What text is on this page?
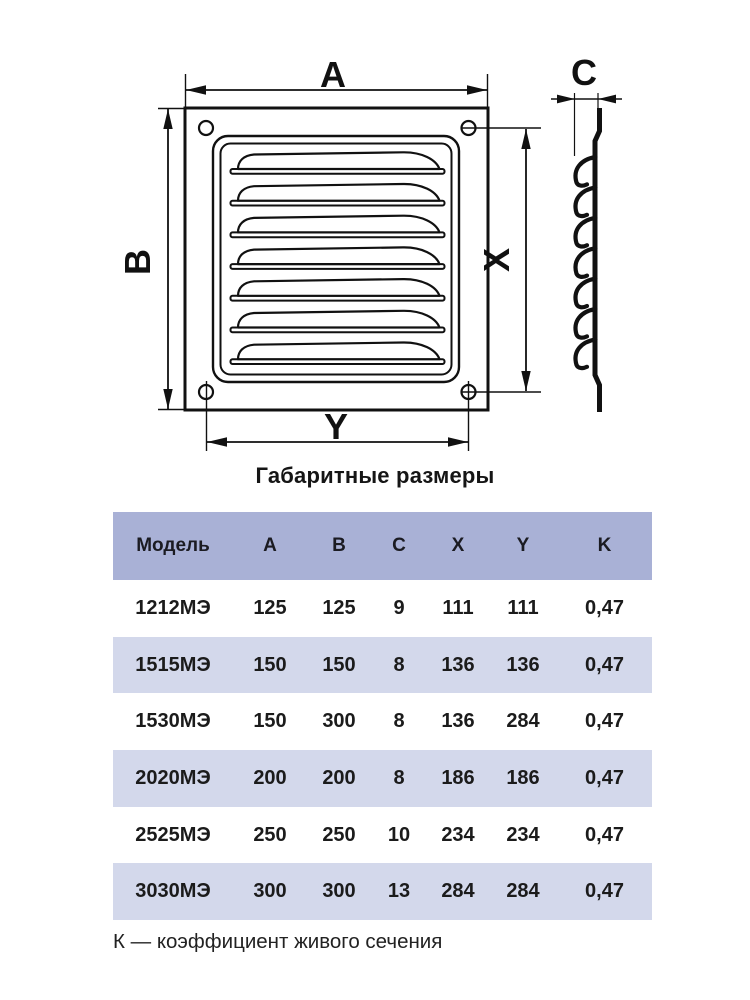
A
B	X
Y
C
Габаритные размеры
Модель	A	B	C	X	Y	K
1212МЭ	125	125	9	111	111	0,47
1515МЭ	150	150	8	136	136	0,47
1530МЭ	150	300	8	136	284	0,47
2020МЭ	200	200	8	186	186	0,47
2525МЭ	250	250	10	234	234	0,47
3030МЭ	300	300	13	284	284	0,47
К — коэффициент живого сечения
